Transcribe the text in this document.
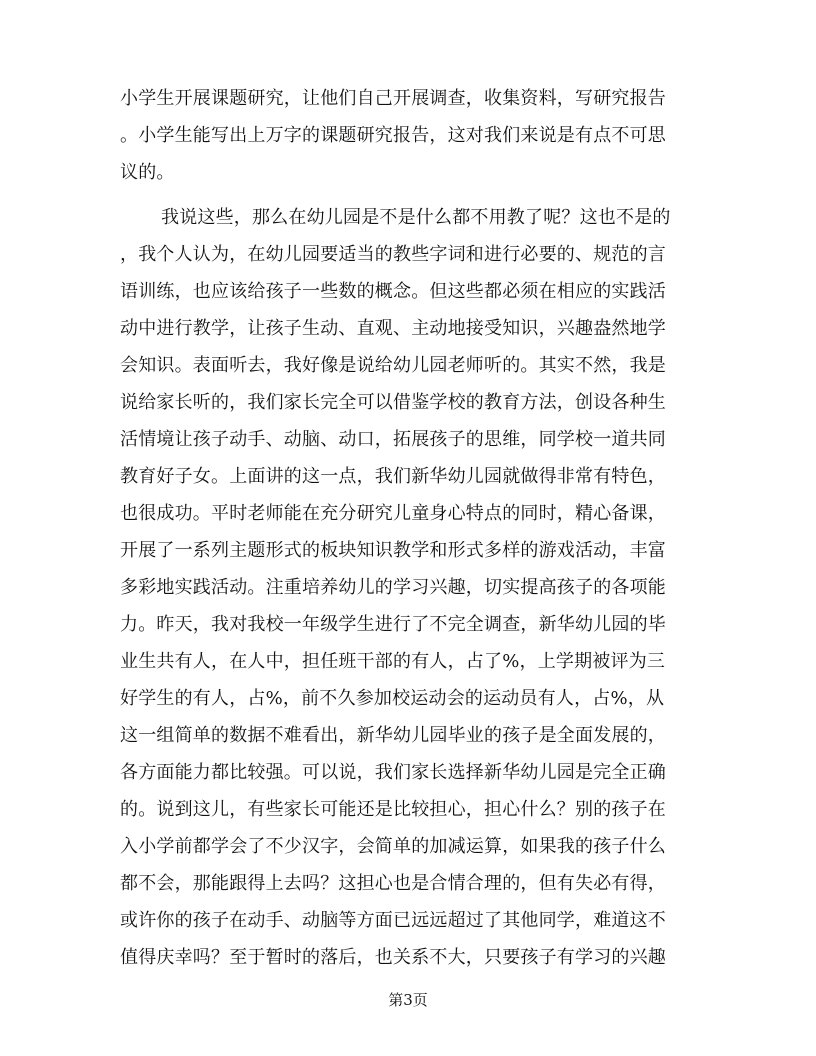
小学生开展课题研究，让他们自己开展调查，收集资料，写研究报告
。小学生能写出上万字的课题研究报告，这对我们来说是有点不可思
议的。
我说这些，那么在幼儿园是不是什么都不用教了呢？这也不是的
，我个人认为，在幼儿园要适当的教些字词和进行必要的、规范的言
语训练，也应该给孩子一些数的概念。但这些都必须在相应的实践活
动中进行教学，让孩子生动、直观、主动地接受知识，兴趣盎然地学
会知识。表面听去，我好像是说给幼儿园老师听的。其实不然，我是
说给家长听的，我们家长完全可以借鉴学校的教育方法，创设各种生
活情境让孩子动手、动脑、动口，拓展孩子的思维，同学校一道共同
教育好子女。上面讲的这一点，我们新华幼儿园就做得非常有特色，
也很成功。平时老师能在充分研究儿童身心特点的同时，精心备课，
开展了一系列主题形式的板块知识教学和形式多样的游戏活动，丰富
多彩地实践活动。注重培养幼儿的学习兴趣，切实提高孩子的各项能
力。昨天，我对我校一年级学生进行了不完全调查，新华幼儿园的毕
业生共有人，在人中，担任班干部的有人，占了%，上学期被评为三
好学生的有人，占%，前不久参加校运动会的运动员有人，占%，从
这一组简单的数据不难看出，新华幼儿园毕业的孩子是全面发展的，
各方面能力都比较强。可以说，我们家长选择新华幼儿园是完全正确
的。说到这儿，有些家长可能还是比较担心，担心什么？别的孩子在
入小学前都学会了不少汉字，会简单的加减运算，如果我的孩子什么
都不会，那能跟得上去吗？这担心也是合情合理的，但有失必有得，
或许你的孩子在动手、动脑等方面已远远超过了其他同学，难道这不
值得庆幸吗？至于暂时的落后，也关系不大，只要孩子有学习的兴趣
第3页
